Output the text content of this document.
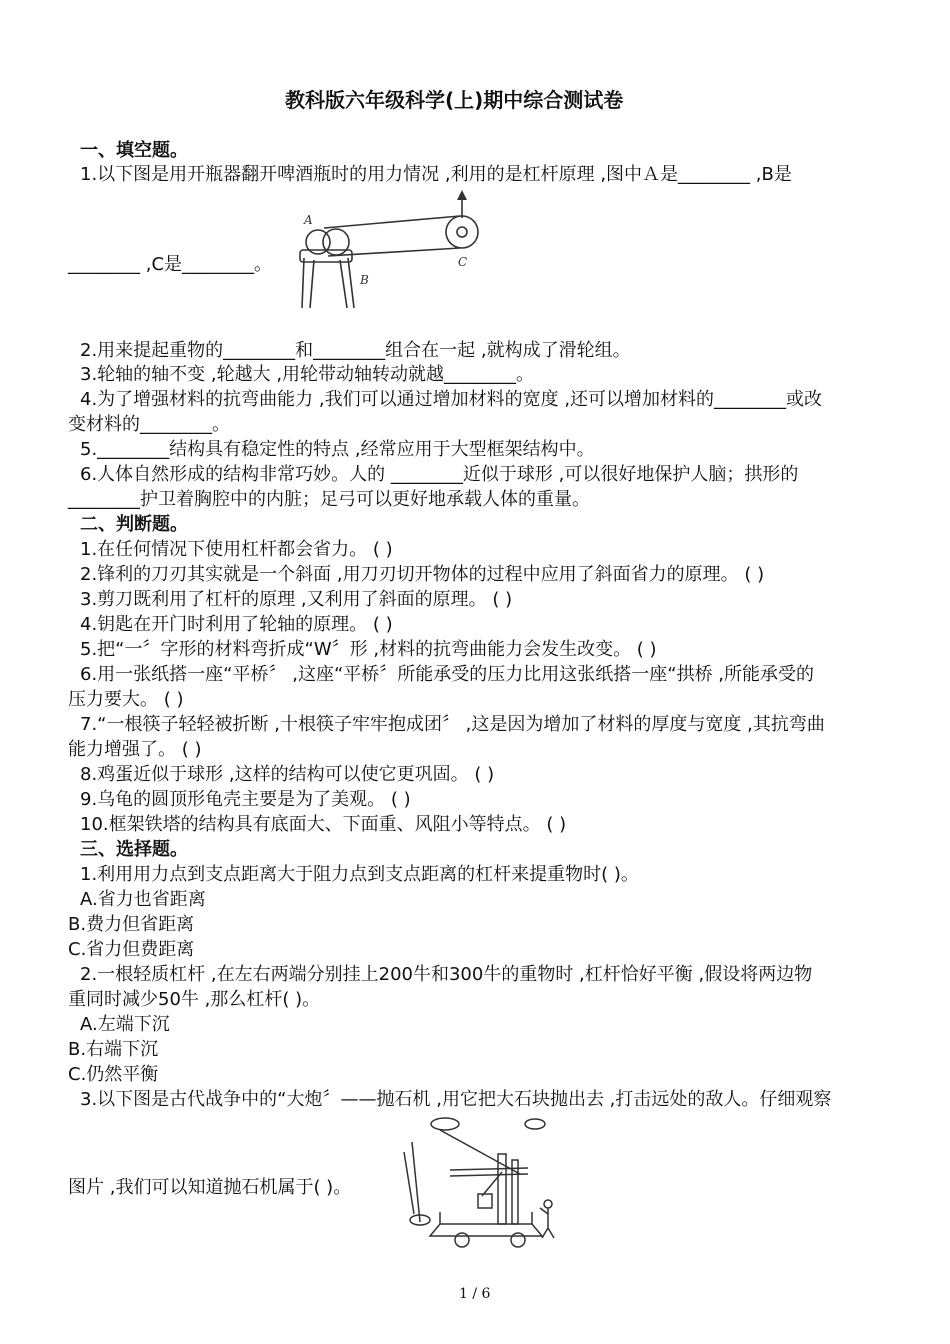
教科版六年级科学(上)期中综合测试卷
一、填空题。
1.以下图是用开瓶器翻开啤酒瓶时的用力情况 ,利用的是杠杆原理 ,图中Ａ是________ ,B是
A
B
C
________ ,C是________。
2.用来提起重物的________和________组合在一起 ,就构成了滑轮组。
3.轮轴的轴不变 ,轮越大 ,用轮带动轴转动就越________。
4.为了增强材料的抗弯曲能力 ,我们可以通过增加材料的宽度 ,还可以增加材料的________或改
变材料的________。
5.________结构具有稳定性的特点 ,经常应用于大型框架结构中。
6.人体自然形成的结构非常巧妙。人的 ________近似于球形 ,可以很好地保护人脑；拱形的
________护卫着胸腔中的内脏；足弓可以更好地承载人体的重量。
二、判断题。
1.在任何情况下使用杠杆都会省力。 ( )
2.锋利的刀刃其实就是一个斜面 ,用刀刃切开物体的过程中应用了斜面省力的原理。 ( )
3.剪刀既利用了杠杆的原理 ,又利用了斜面的原理。 ( )
4.钥匙在开门时利用了轮轴的原理。 ( )
5.把“一〞字形的材料弯折成“W〞形 ,材料的抗弯曲能力会发生改变。 ( )
6.用一张纸搭一座“平桥〞 ,这座“平桥〞所能承受的压力比用这张纸搭一座“拱桥 ,所能承受的
压力要大。 ( )
7.“一根筷子轻轻被折断 ,十根筷子牢牢抱成团〞 ,这是因为增加了材料的厚度与宽度 ,其抗弯曲
能力增强了。 ( )
8.鸡蛋近似于球形 ,这样的结构可以使它更巩固。 ( )
9.乌龟的圆顶形龟壳主要是为了美观。 ( )
10.框架铁塔的结构具有底面大、下面重、风阻小等特点。 ( )
三、选择题。
1.利用用力点到支点距离大于阻力点到支点距离的杠杆来提重物时( )。
A.省力也省距离
B.费力但省距离
C.省力但费距离
2.一根轻质杠杆 ,在左右两端分别挂上200牛和300牛的重物时 ,杠杆恰好平衡 ,假设将两边物
重同时减少50牛 ,那么杠杆( )。
A.左端下沉
B.右端下沉
C.仍然平衡
3.以下图是古代战争中的“大炮〞——抛石机 ,用它把大石块抛出去 ,打击远处的敌人。仔细观察
图片 ,我们可以知道抛石机属于( )。
1 / 6
